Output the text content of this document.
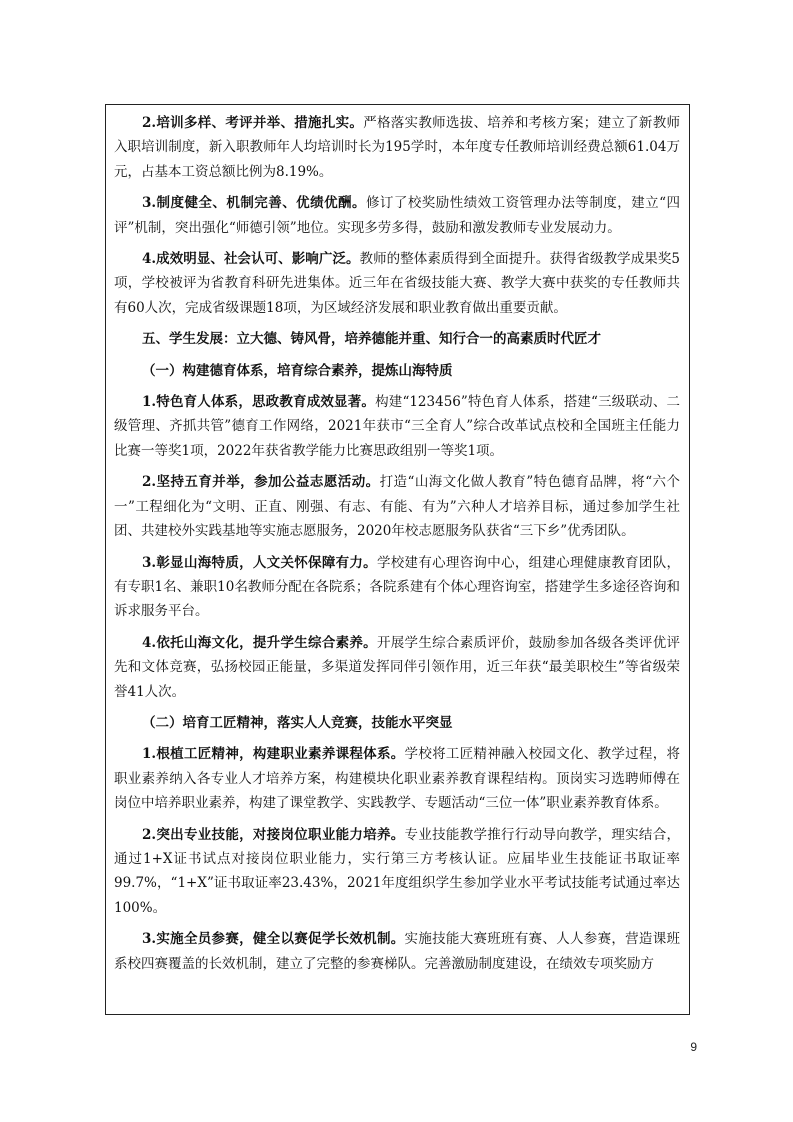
2.培训多样、考评并举、措施扎实。严格落实教师选拔、培养和考核方案；建立了新教师入职培训制度，新入职教师年人均培训时长为195学时，本年度专任教师培训经费总额61.04万元，占基本工资总额比例为8.19%。

3.制度健全、机制完善、优绩优酬。修订了校奖励性绩效工资管理办法等制度，建立“四评”机制，突出强化“师德引领”地位。实现多劳多得，鼓励和激发教师专业发展动力。

4.成效明显、社会认可、影响广泛。教师的整体素质得到全面提升。获得省级教学成果奖5项，学校被评为省教育科研先进集体。近三年在省级技能大赛、教学大赛中获奖的专任教师共有60人次，完成省级课题18项，为区域经济发展和职业教育做出重要贡献。

五、学生发展：立大德、铸风骨，培养德能并重、知行合一的高素质时代匠才

（一）构建德育体系，培育综合素养，提炼山海特质

1.特色育人体系，思政教育成效显著。构建“123456”特色育人体系，搭建“三级联动、二级管理、齐抓共管”德育工作网络，2021年获市“三全育人”综合改革试点校和全国班主任能力比赛一等奖1项，2022年获省教学能力比赛思政组别一等奖1项。

2.坚持五育并举，参加公益志愿活动。打造“山海文化做人教育”特色德育品牌，将“六个一”工程细化为“文明、正直、刚强、有志、有能、有为”六种人才培养目标，通过参加学生社团、共建校外实践基地等实施志愿服务，2020年校志愿服务队获省“三下乡”优秀团队。

3.彰显山海特质，人文关怀保障有力。学校建有心理咨询中心，组建心理健康教育团队，有专职1名、兼职10名教师分配在各院系；各院系建有个体心理咨询室，搭建学生多途径咨询和诉求服务平台。

4.依托山海文化，提升学生综合素养。开展学生综合素质评价，鼓励参加各级各类评优评先和文体竞赛，弘扬校园正能量，多渠道发挥同伴引领作用，近三年获“最美职校生”等省级荣誉41人次。

（二）培育工匠精神，落实人人竞赛，技能水平突显

1.根植工匠精神，构建职业素养课程体系。学校将工匠精神融入校园文化、教学过程，将职业素养纳入各专业人才培养方案，构建模块化职业素养教育课程结构。顶岗实习选聘师傅在岗位中培养职业素养，构建了课堂教学、实践教学、专题活动“三位一体”职业素养教育体系。

2.突出专业技能，对接岗位职业能力培养。专业技能教学推行行动导向教学，理实结合，通过1+X证书试点对接岗位职业能力，实行第三方考核认证。应届毕业生技能证书取证率99.7%，“1+X”证书取证率23.43%，2021年度组织学生参加学业水平考试技能考试通过率达100%。

3.实施全员参赛，健全以赛促学长效机制。实施技能大赛班班有赛、人人参赛，营造课班系校四赛覆盖的长效机制，建立了完整的参赛梯队。完善激励制度建设，在绩效专项奖励方

9
